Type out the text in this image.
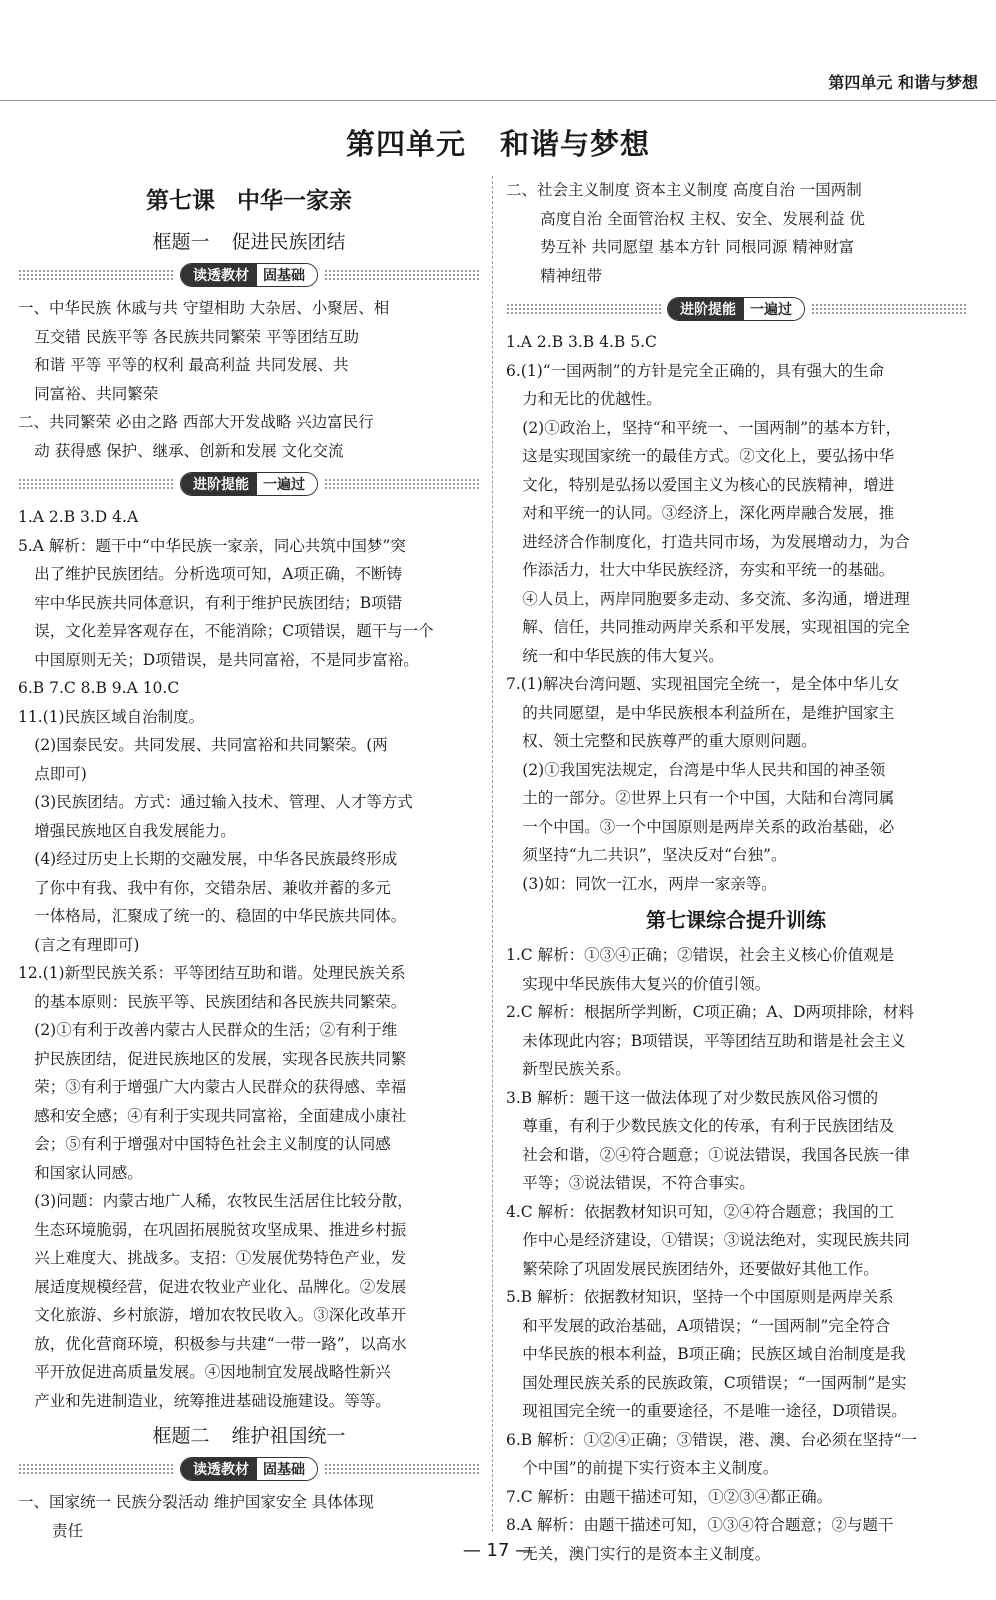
第四单元 和谐与梦想
第四单元 和谐与梦想
第七课 中华一家亲
框题一 促进民族团结
读透教材	固基础
一、中华民族 休戚与共 守望相助 大杂居、小聚居、相
互交错 民族平等 各民族共同繁荣 平等团结互助
和谐 平等 平等的权利 最高利益 共同发展、共
同富裕、共同繁荣
二、共同繁荣 必由之路 西部大开发战略 兴边富民行
动 获得感 保护、继承、创新和发展 文化交流
进阶提能	一遍过
1.A 2.B 3.D 4.A
5.A 解析：题干中“中华民族一家亲，同心共筑中国梦”突
出了维护民族团结。分析选项可知，A项正确，不断铸
牢中华民族共同体意识，有利于维护民族团结；B项错
误，文化差异客观存在，不能消除；C项错误，题干与一个
中国原则无关；D项错误，是共同富裕，不是同步富裕。
6.B 7.C 8.B 9.A 10.C
11.(1)民族区域自治制度。
(2)国泰民安。共同发展、共同富裕和共同繁荣。(两
点即可)
(3)民族团结。方式：通过输入技术、管理、人才等方式
增强民族地区自我发展能力。
(4)经过历史上长期的交融发展，中华各民族最终形成
了你中有我、我中有你，交错杂居、兼收并蓄的多元
一体格局，汇聚成了统一的、稳固的中华民族共同体。
(言之有理即可)
12.(1)新型民族关系：平等团结互助和谐。处理民族关系
的基本原则：民族平等、民族团结和各民族共同繁荣。
(2)①有利于改善内蒙古人民群众的生活；②有利于维
护民族团结，促进民族地区的发展，实现各民族共同繁
荣；③有利于增强广大内蒙古人民群众的获得感、幸福
感和安全感；④有利于实现共同富裕，全面建成小康社
会；⑤有利于增强对中国特色社会主义制度的认同感
和国家认同感。
(3)问题：内蒙古地广人稀，农牧民生活居住比较分散，
生态环境脆弱，在巩固拓展脱贫攻坚成果、推进乡村振
兴上难度大、挑战多。支招：①发展优势特色产业，发
展适度规模经营，促进农牧业产业化、品牌化。②发展
文化旅游、乡村旅游，增加农牧民收入。③深化改革开
放，优化营商环境，积极参与共建“一带一路”，以高水
平开放促进高质量发展。④因地制宜发展战略性新兴
产业和先进制造业，统筹推进基础设施建设。等等。
框题二 维护祖国统一
读透教材	固基础
一、国家统一 民族分裂活动 维护国家安全 具体体现
责任
二、社会主义制度 资本主义制度 高度自治 一国两制
高度自治 全面管治权 主权、安全、发展利益 优
势互补 共同愿望 基本方针 同根同源 精神财富
精神纽带
进阶提能	一遍过
1.A 2.B 3.B 4.B 5.C
6.(1)“一国两制”的方针是完全正确的，具有强大的生命
力和无比的优越性。
(2)①政治上，坚持“和平统一、一国两制”的基本方针，
这是实现国家统一的最佳方式。②文化上，要弘扬中华
文化，特别是弘扬以爱国主义为核心的民族精神，增进
对和平统一的认同。③经济上，深化两岸融合发展，推
进经济合作制度化，打造共同市场，为发展增动力，为合
作添活力，壮大中华民族经济，夯实和平统一的基础。
④人员上，两岸同胞要多走动、多交流、多沟通，增进理
解、信任，共同推动两岸关系和平发展，实现祖国的完全
统一和中华民族的伟大复兴。
7.(1)解决台湾问题、实现祖国完全统一，是全体中华儿女
的共同愿望，是中华民族根本利益所在，是维护国家主
权、领土完整和民族尊严的重大原则问题。
(2)①我国宪法规定，台湾是中华人民共和国的神圣领
土的一部分。②世界上只有一个中国，大陆和台湾同属
一个中国。③一个中国原则是两岸关系的政治基础，必
须坚持“九二共识”，坚决反对“台独”。
(3)如：同饮一江水，两岸一家亲等。
第七课综合提升训练
1.C 解析：①③④正确；②错误，社会主义核心价值观是
实现中华民族伟大复兴的价值引领。
2.C 解析：根据所学判断，C项正确；A、D两项排除，材料
未体现此内容；B项错误，平等团结互助和谐是社会主义
新型民族关系。
3.B 解析：题干这一做法体现了对少数民族风俗习惯的
尊重，有利于少数民族文化的传承，有利于民族团结及
社会和谐，②④符合题意；①说法错误，我国各民族一律
平等；③说法错误，不符合事实。
4.C 解析：依据教材知识可知，②④符合题意；我国的工
作中心是经济建设，①错误；③说法绝对，实现民族共同
繁荣除了巩固发展民族团结外，还要做好其他工作。
5.B 解析：依据教材知识，坚持一个中国原则是两岸关系
和平发展的政治基础，A项错误；“一国两制”完全符合
中华民族的根本利益，B项正确；民族区域自治制度是我
国处理民族关系的民族政策，C项错误；“一国两制”是实
现祖国完全统一的重要途径，不是唯一途径，D项错误。
6.B 解析：①②④正确；③错误，港、澳、台必须在坚持“一
个中国”的前提下实行资本主义制度。
7.C 解析：由题干描述可知，①②③④都正确。
8.A 解析：由题干描述可知，①③④符合题意；②与题干
无关，澳门实行的是资本主义制度。
— 17 —
